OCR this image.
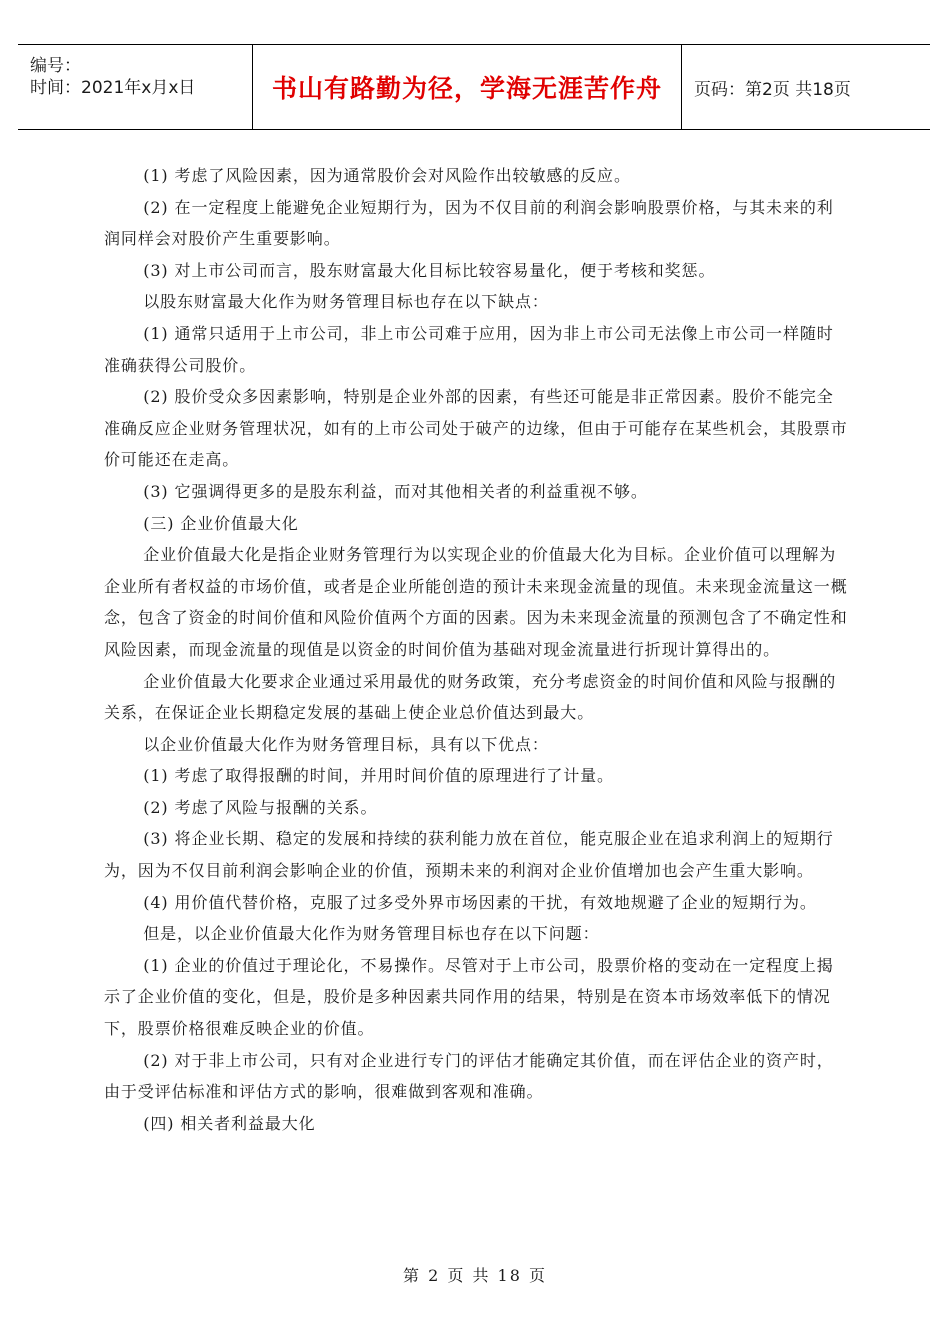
编号：
时间：2021年x月x日	书山有路勤为径，学海无涯苦作舟	页码：第2页 共18页

(1) 考虑了风险因素，因为通常股价会对风险作出较敏感的反应。

(2) 在一定程度上能避免企业短期行为，因为不仅目前的利润会影响股票价格，与其未来的利润同样会对股价产生重要影响。

(3) 对上市公司而言，股东财富最大化目标比较容易量化，便于考核和奖惩。

以股东财富最大化作为财务管理目标也存在以下缺点：

(1) 通常只适用于上市公司，非上市公司难于应用，因为非上市公司无法像上市公司一样随时准确获得公司股价。

(2) 股价受众多因素影响，特别是企业外部的因素，有些还可能是非正常因素。股价不能完全准确反应企业财务管理状况，如有的上市公司处于破产的边缘，但由于可能存在某些机会，其股票市价可能还在走高。

(3) 它强调得更多的是股东利益，而对其他相关者的利益重视不够。

(三) 企业价值最大化

企业价值最大化是指企业财务管理行为以实现企业的价值最大化为目标。企业价值可以理解为企业所有者权益的市场价值，或者是企业所能创造的预计未来现金流量的现值。未来现金流量这一概念，包含了资金的时间价值和风险价值两个方面的因素。因为未来现金流量的预测包含了不确定性和风险因素，而现金流量的现值是以资金的时间价值为基础对现金流量进行折现计算得出的。

企业价值最大化要求企业通过采用最优的财务政策，充分考虑资金的时间价值和风险与报酬的关系，在保证企业长期稳定发展的基础上使企业总价值达到最大。

以企业价值最大化作为财务管理目标，具有以下优点：

(1) 考虑了取得报酬的时间，并用时间价值的原理进行了计量。

(2) 考虑了风险与报酬的关系。

(3) 将企业长期、稳定的发展和持续的获利能力放在首位，能克服企业在追求利润上的短期行为，因为不仅目前利润会影响企业的价值，预期未来的利润对企业价值增加也会产生重大影响。

(4) 用价值代替价格，克服了过多受外界市场因素的干扰，有效地规避了企业的短期行为。

但是，以企业价值最大化作为财务管理目标也存在以下问题：

(1) 企业的价值过于理论化，不易操作。尽管对于上市公司，股票价格的变动在一定程度上揭示了企业价值的变化，但是，股价是多种因素共同作用的结果，特别是在资本市场效率低下的情况下，股票价格很难反映企业的价值。

(2) 对于非上市公司，只有对企业进行专门的评估才能确定其价值，而在评估企业的资产时，由于受评估标准和评估方式的影响，很难做到客观和准确。

(四) 相关者利益最大化

第 2 页 共 18 页
